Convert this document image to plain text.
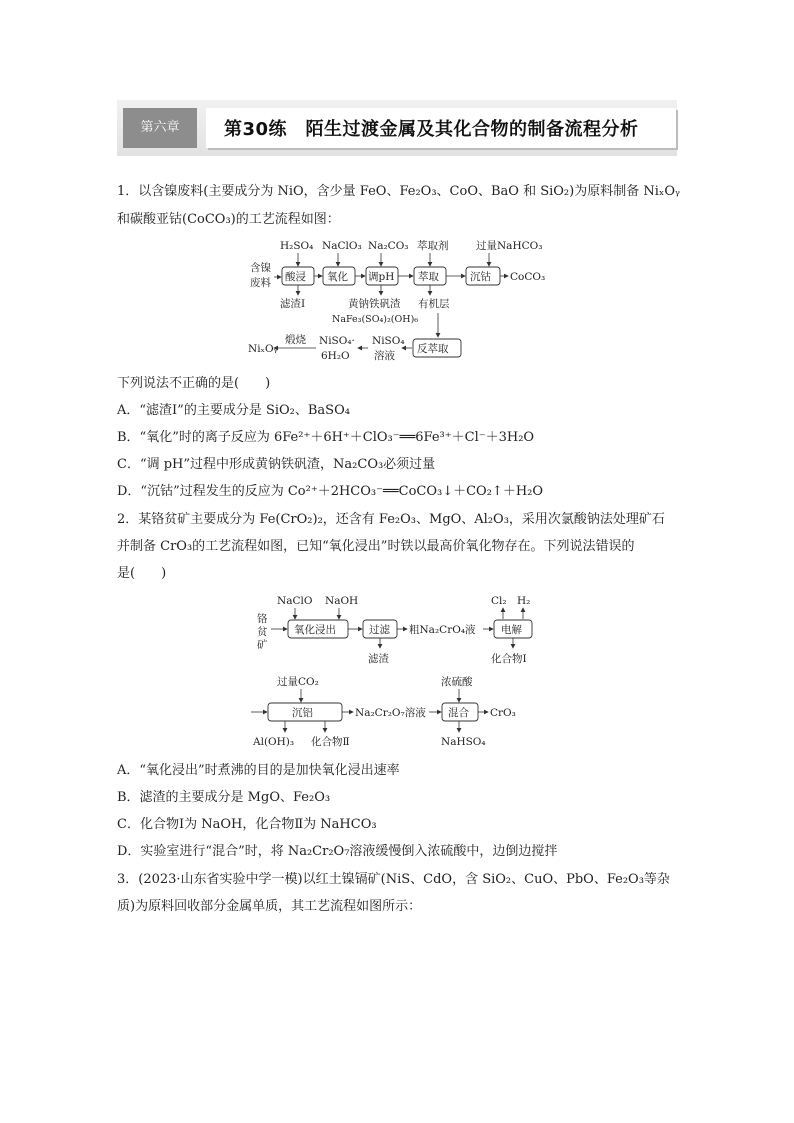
第六章	第30练　陌生过渡金属及其化合物的制备流程分析
1．以含镍废料(主要成分为 NiO，含少量 FeO、Fe₂O₃、CoO、BaO 和 SiO₂)为原料制备 NiₓOᵧ
和碳酸亚钴(CoCO₃)的工艺流程如图：
含镍
废料
H₂SO₄ NaClO₃ Na₂CO₃ 萃取剂	过量NaHCO₃
酸浸 氧化 调pH 萃取	沉钴 CoCO₃
滤渣Ⅰ	黄钠铁矾渣
NaFe₃(SO₄)₂(OH)₆
有机层
反萃取
NiSO₄
溶液
NiSO₄·
6H₂O
煅烧
NiₓOᵧ
下列说法不正确的是(　　)
A．“滤渣Ⅰ”的主要成分是 SiO₂、BaSO₄
B．“氧化”时的离子反应为 6Fe²⁺＋6H⁺＋ClO₃⁻══6Fe³⁺＋Cl⁻＋3H₂O
C．“调 pH”过程中形成黄钠铁矾渣，Na₂CO₃必须过量
D．“沉钴”过程发生的反应为 Co²⁺＋2HCO₃⁻══CoCO₃↓＋CO₂↑＋H₂O
2．某铬贫矿主要成分为 Fe(CrO₂)₂，还含有 Fe₂O₃、MgO、Al₂O₃，采用次氯酸钠法处理矿石
并制备 CrO₃的工艺流程如图，已知“氧化浸出”时铁以最高价氧化物存在。下列说法错误的
是(　　)
铬
贫
矿
NaClO NaOH
氧化浸出	过滤 粗Na₂CrO₄液 电解
Cl₂ H₂
滤渣	化合物Ⅰ
过量CO₂
沉铝	Na₂Cr₂O₇溶液
浓硫酸
混合 CrO₃
Al(OH)₃ 化合物Ⅱ	NaHSO₄
A．“氧化浸出”时煮沸的目的是加快氧化浸出速率
B．滤渣的主要成分是 MgO、Fe₂O₃
C．化合物Ⅰ为 NaOH，化合物Ⅱ为 NaHCO₃
D．实验室进行“混合”时，将 Na₂Cr₂O₇溶液缓慢倒入浓硫酸中，边倒边搅拌
3．(2023·山东省实验中学一模)以红土镍镉矿(NiS、CdO，含 SiO₂、CuO、PbO、Fe₂O₃等杂
质)为原料回收部分金属单质，其工艺流程如图所示：
